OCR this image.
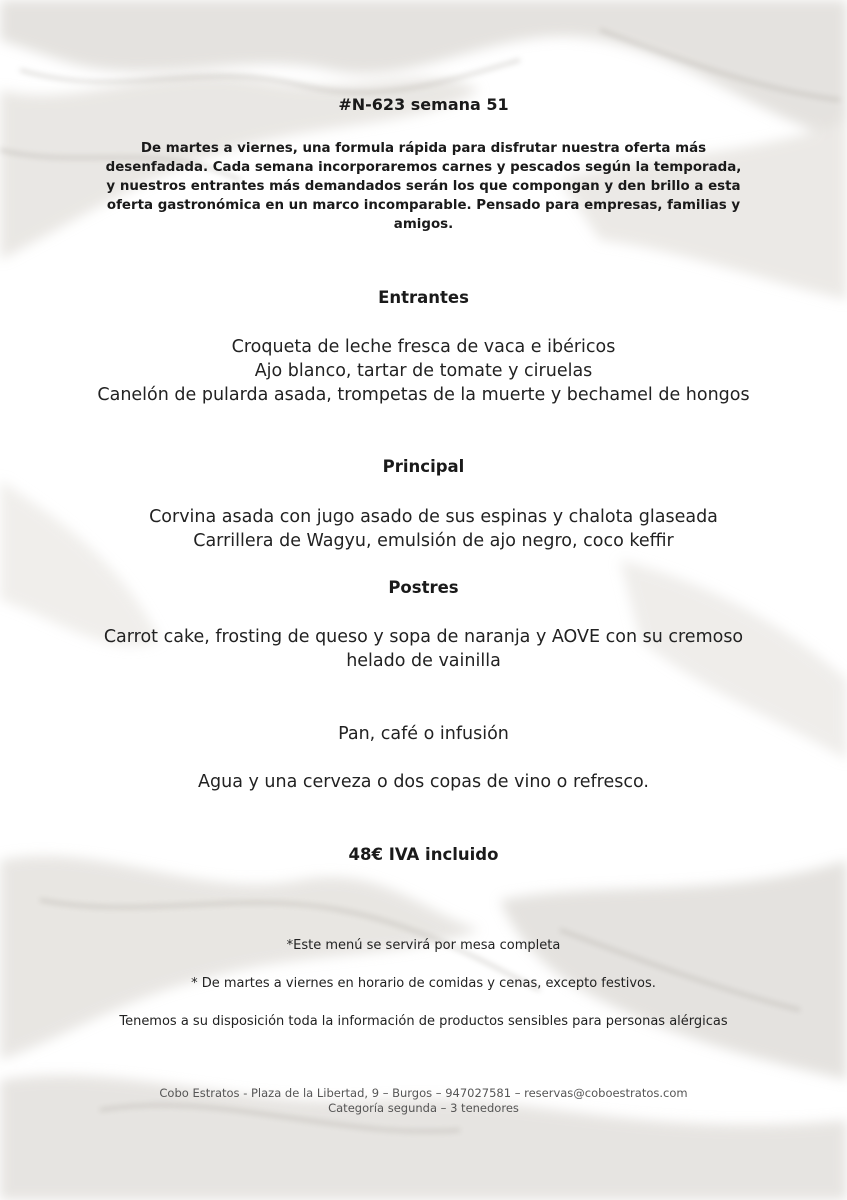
#N-623 semana 51

De martes a viernes, una formula rápida para disfrutar nuestra oferta más desenfadada. Cada semana incorporaremos carnes y pescados según la temporada, y nuestros entrantes más demandados serán los que compongan y den brillo a esta oferta gastronómica en un marco incomparable. Pensado para empresas, familias y amigos.

Entrantes
Croqueta de leche fresca de vaca e ibéricos
Ajo blanco, tartar de tomate y ciruelas
Canelón de pularda asada, trompetas de la muerte y bechamel de hongos
Principal
Corvina asada con jugo asado de sus espinas y chalota glaseada
Carrillera de Wagyu, emulsión de ajo negro, coco keffir
Postres
Carrot cake, frosting de queso y sopa de naranja y AOVE con su cremoso helado de vainilla

Pan, café o infusión

Agua y una cerveza o dos copas de vino o refresco.

48€ IVA incluido

*Este menú se servirá por mesa completa

* De martes a viernes en horario de comidas y cenas, excepto festivos.

Tenemos a su disposición toda la información de productos sensibles para personas alérgicas

Cobo Estratos - Plaza de la Libertad, 9 – Burgos – 947027581 – reservas@coboestratos.com
Categoría segunda – 3 tenedores
